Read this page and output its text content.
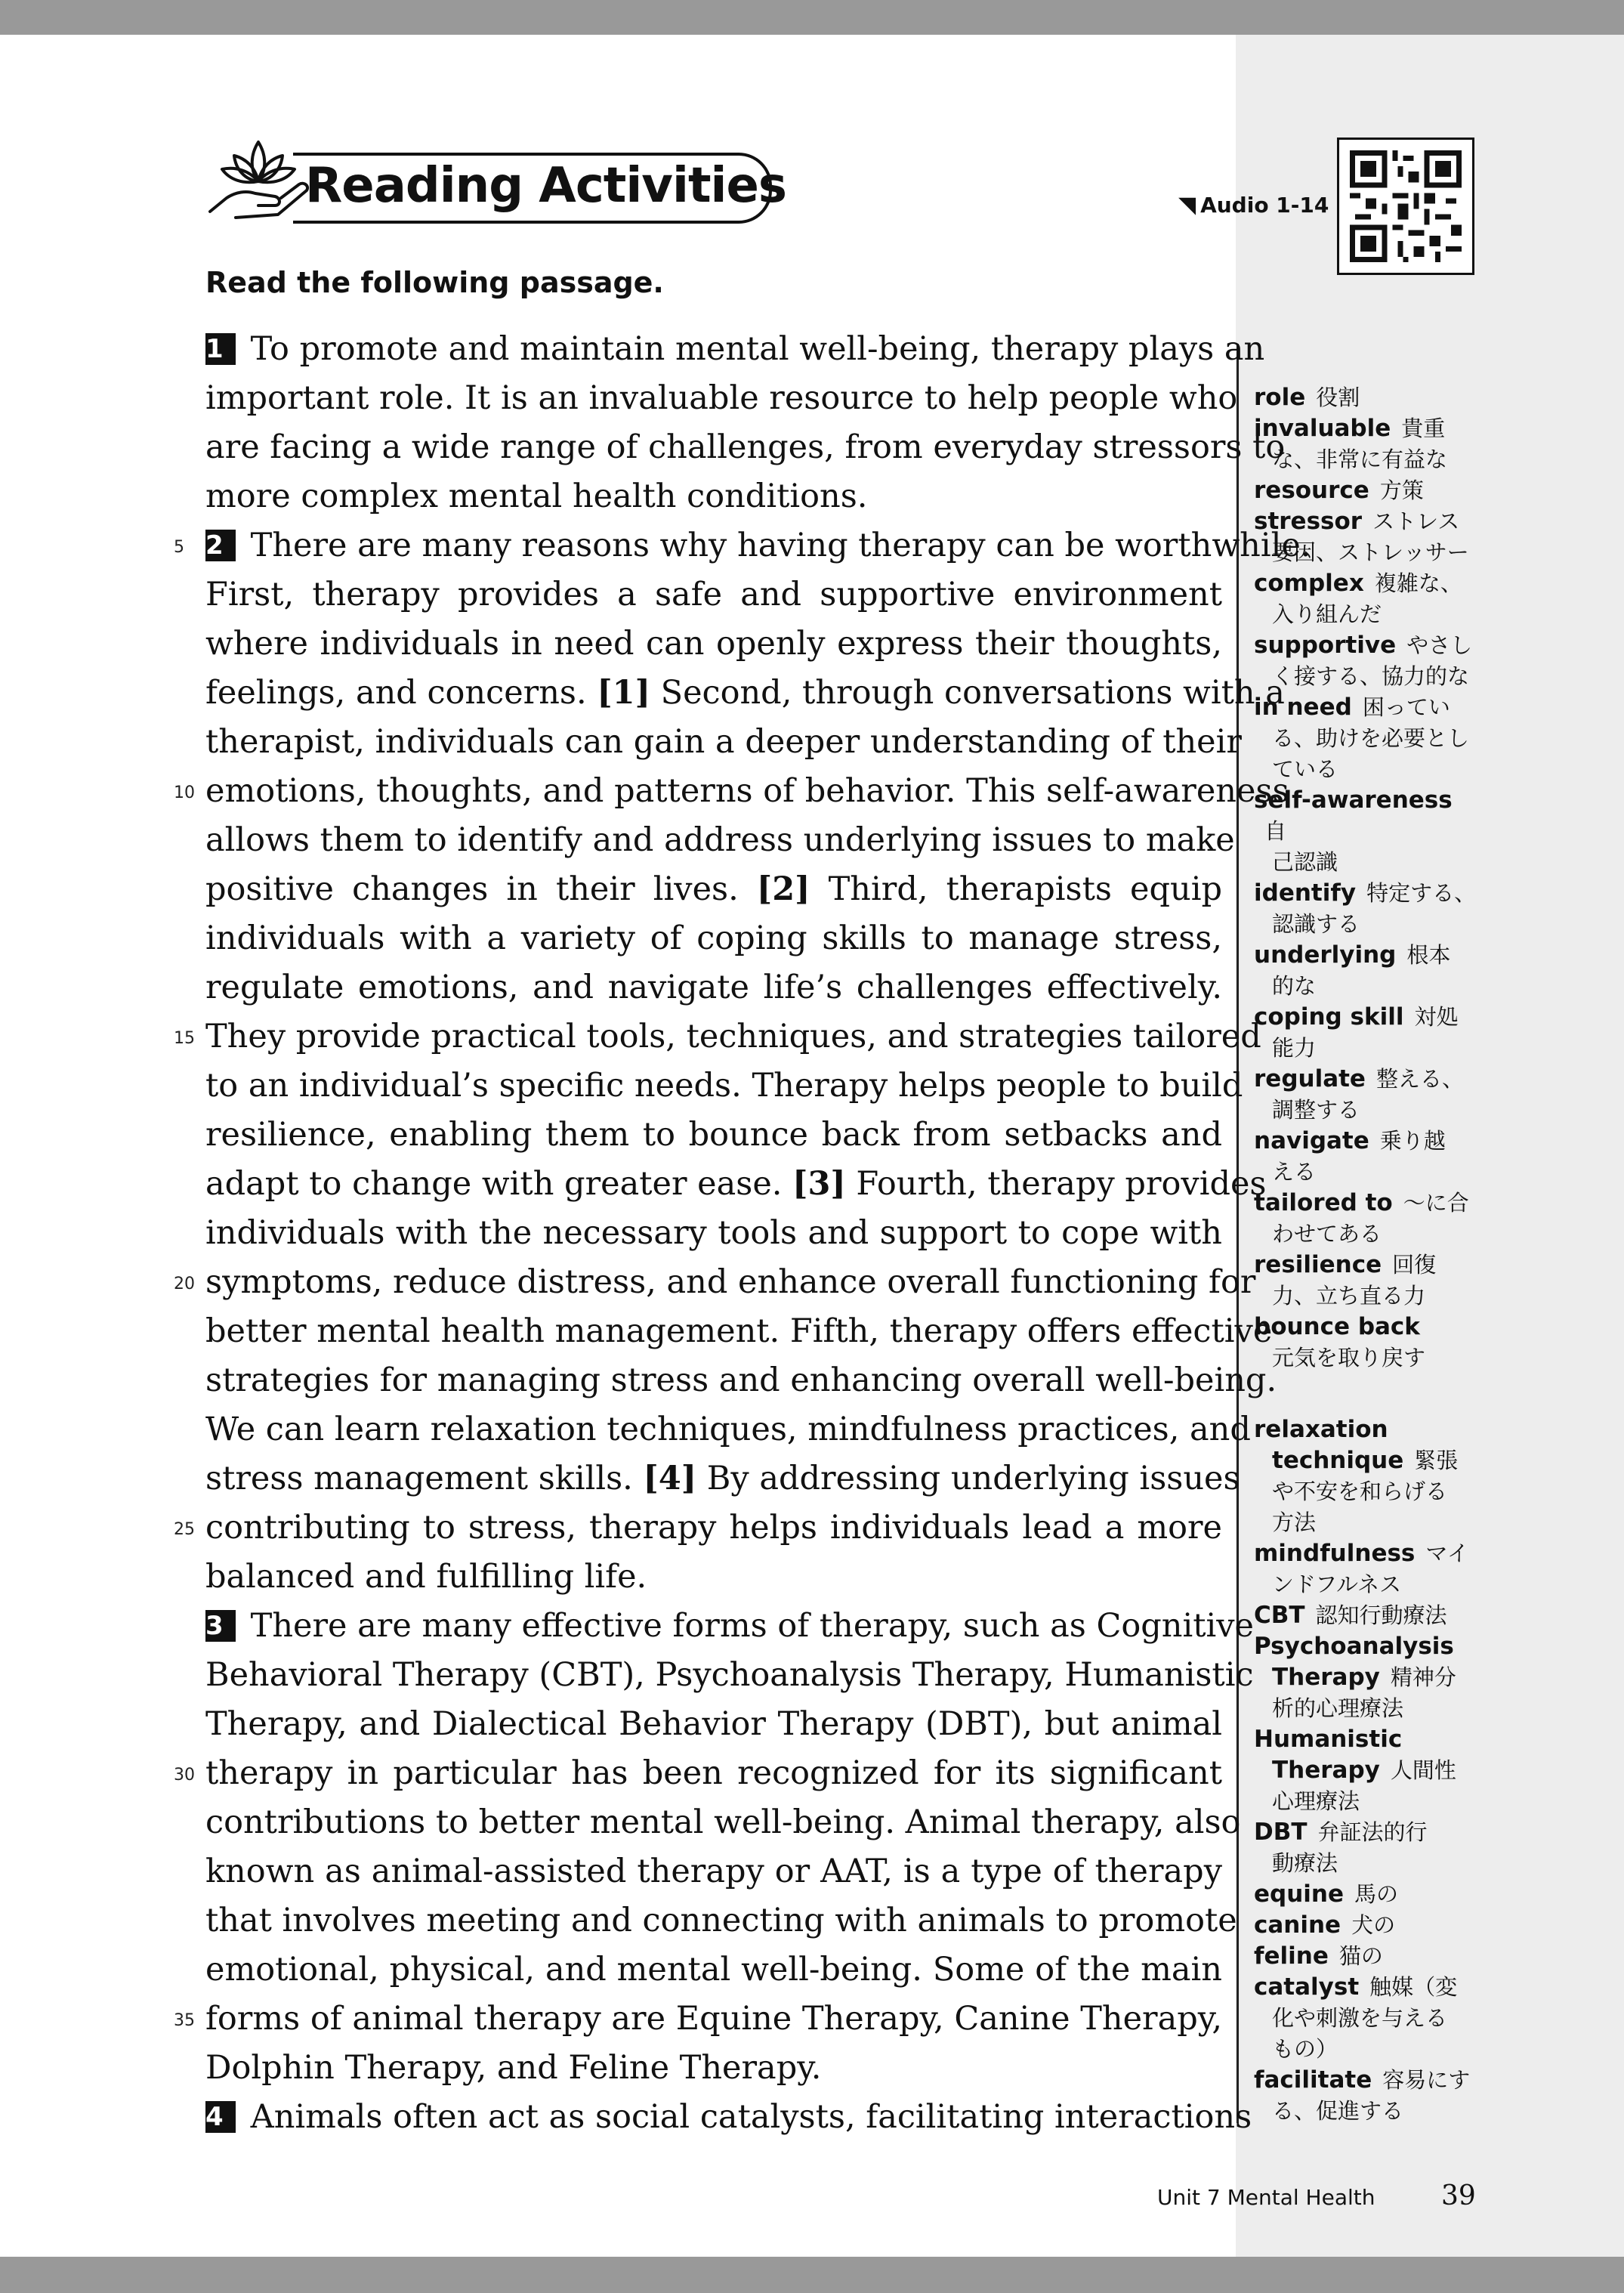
Reading Activities	◥ Audio 1-14
Read the following passage.
1 To promote and maintain mental well-being, therapy plays an
important role. It is an invaluable resource to help people who
are facing a wide range of challenges, from everyday stressors to
more complex mental health conditions.
2 There are many reasons why having therapy can be worthwhile.
First, therapy provides a safe and supportive environment
where individuals in need can openly express their thoughts,
feelings, and concerns. [1] Second, through conversations with a
therapist, individuals can gain a deeper understanding of their
emotions, thoughts, and patterns of behavior. This self-awareness
allows them to identify and address underlying issues to make
positive changes in their lives. [2] Third, therapists equip
individuals with a variety of coping skills to manage stress,
regulate emotions, and navigate life’s challenges effectively.
They provide practical tools, techniques, and strategies tailored
to an individual’s specific needs. Therapy helps people to build
resilience, enabling them to bounce back from setbacks and
adapt to change with greater ease. [3] Fourth, therapy provides
individuals with the necessary tools and support to cope with
symptoms, reduce distress, and enhance overall functioning for
better mental health management. Fifth, therapy offers effective
strategies for managing stress and enhancing overall well-being.
We can learn relaxation techniques, mindfulness practices, and
stress management skills. [4] By addressing underlying issues
contributing to stress, therapy helps individuals lead a more
balanced and fulfilling life.
3 There are many effective forms of therapy, such as Cognitive
Behavioral Therapy (CBT), Psychoanalysis Therapy, Humanistic
Therapy, and Dialectical Behavior Therapy (DBT), but animal
therapy in particular has been recognized for its significant
contributions to better mental well-being. Animal therapy, also
known as animal-assisted therapy or AAT, is a type of therapy
that involves meeting and connecting with animals to promote
emotional, physical, and mental well-being. Some of the main
forms of animal therapy are Equine Therapy, Canine Therapy,
Dolphin Therapy, and Feline Therapy.
4 Animals often act as social catalysts, facilitating interactions
5
10
15
20
25
30
35
role 役割
invaluable 貴重
な、非常に有益な
resource 方策
stressor ストレス
要因、ストレッサー
complex 複雑な、
入り組んだ
supportive やさし
く接する、協力的な
in need 困ってい
る、助けを必要とし
ている
self-awareness自
己認識
identify 特定する、
認識する
underlying 根本
的な
coping skill 対処
能力
regulate 整える、
調整する
navigate 乗り越
える
tailored to 〜に合
わせてある
resilience 回復
力、立ち直る力
bounce back
元気を取り戻す
relaxation
technique 緊張
や不安を和らげる
方法
mindfulness マイ
ンドフルネス
CBT 認知行動療法
Psychoanalysis
Therapy 精神分
析的心理療法
Humanistic
Therapy 人間性
心理療法
DBT 弁証法的行
動療法
equine 馬の
canine 犬の
feline 猫の
catalyst 触媒（変
化や刺激を与える
もの）
facilitate 容易にす
る、促進する
Unit 7 Mental Health 39
